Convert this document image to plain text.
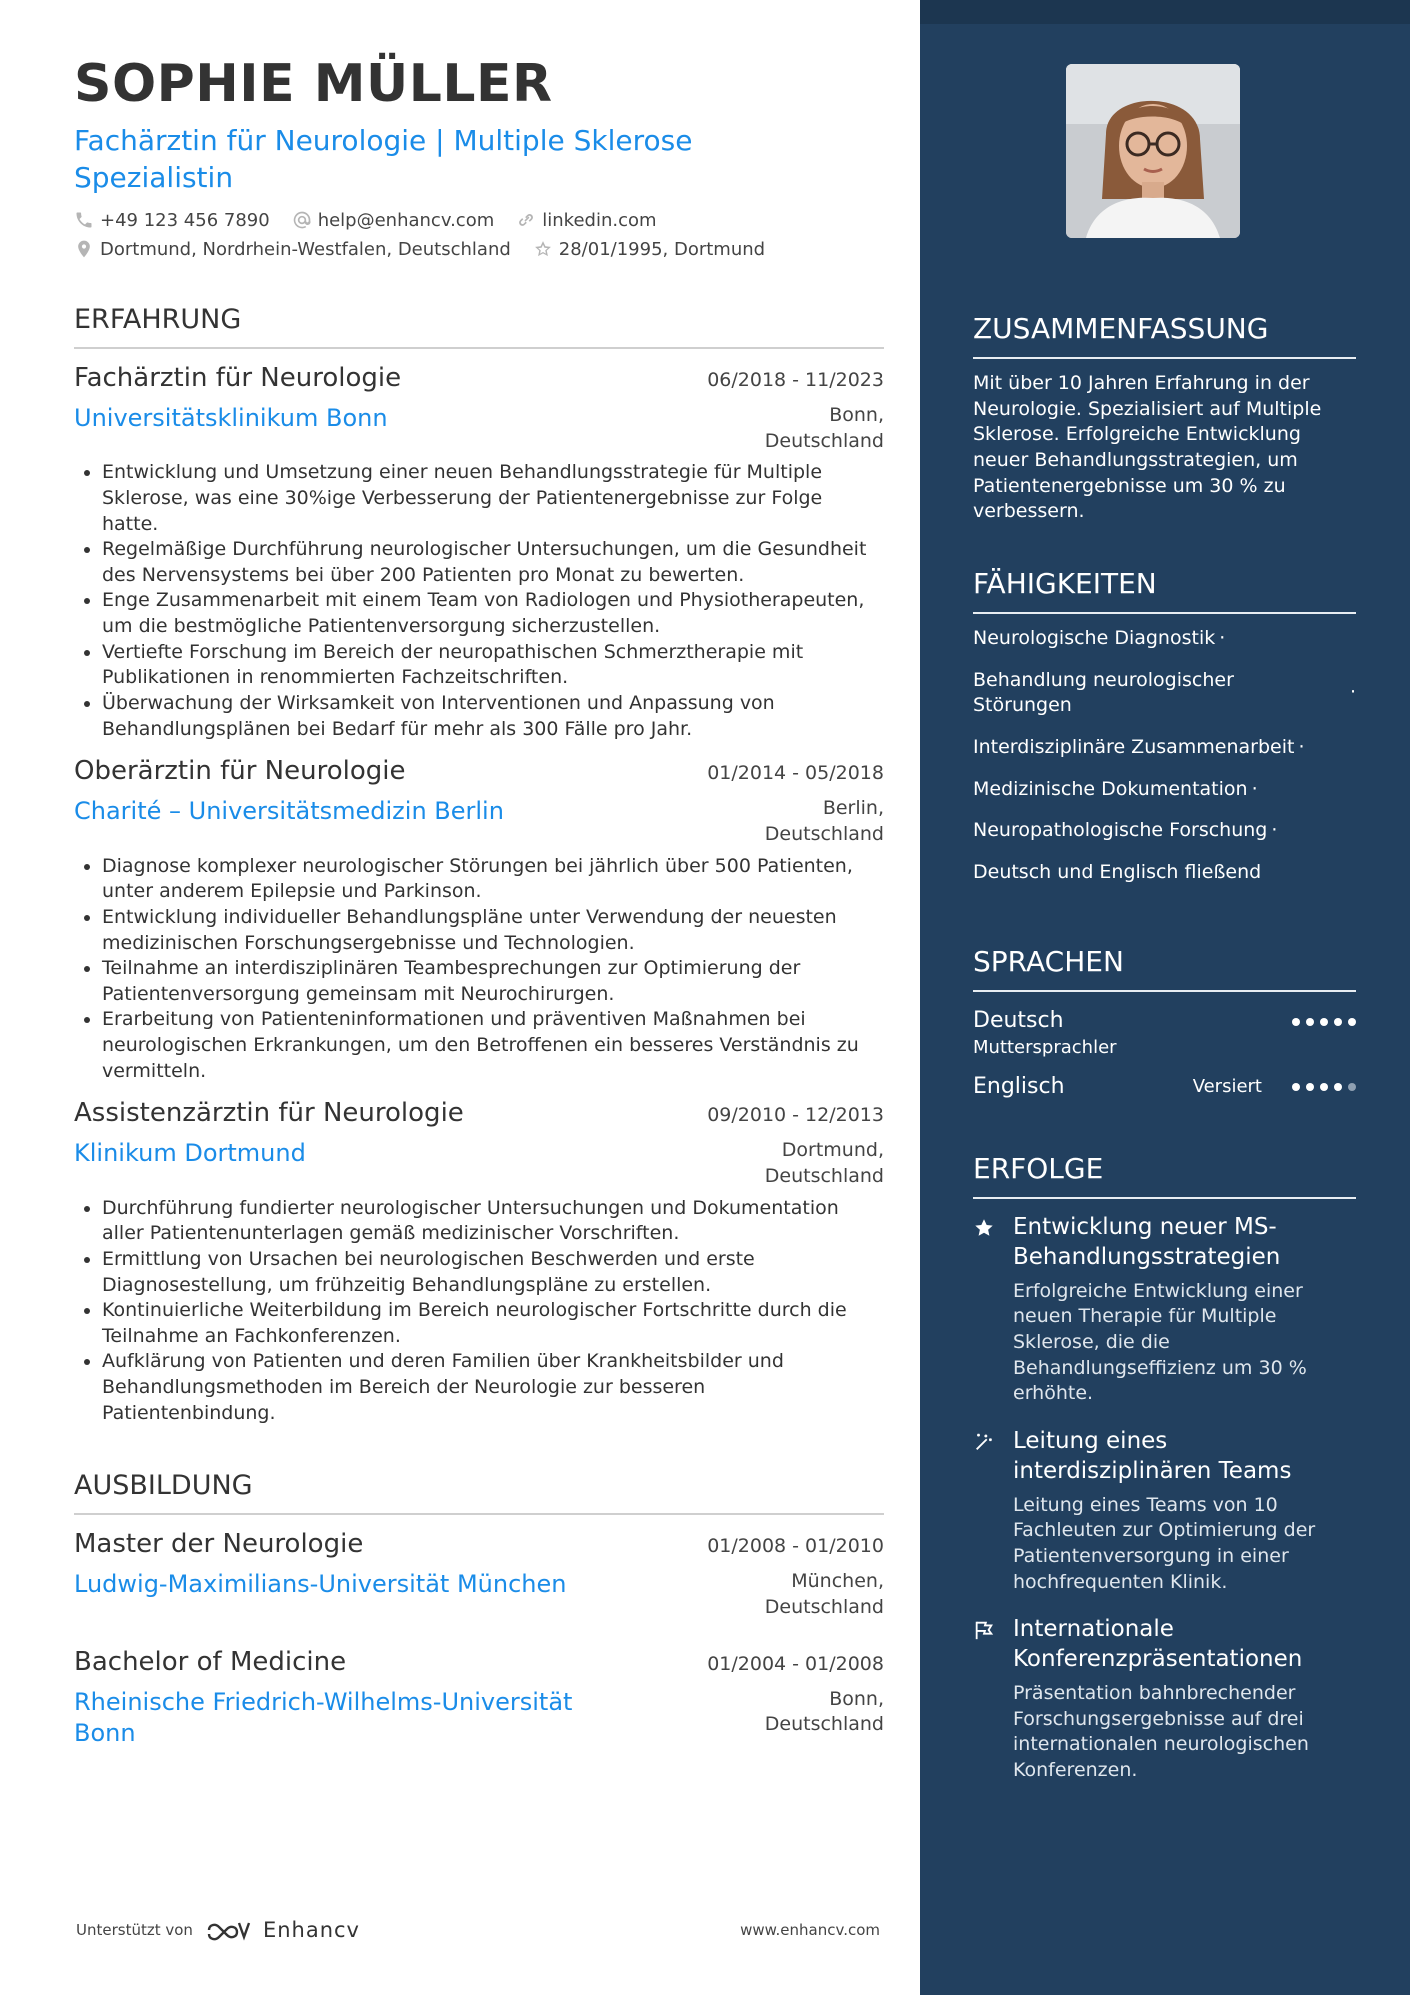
SOPHIE MÜLLER
Fachärztin für Neurologie | Multiple Sklerose Spezialistin
+49 123 456 7890	help@enhancv.com	linkedin.com
Dortmund, Nordrhein-Westfalen, Deutschland	28/01/1995, Dortmund
ERFAHRUNG
Fachärztin für Neurologie	06/2018 - 11/2023
Universitätsklinikum Bonn	Bonn, Deutschland
• Entwicklung und Umsetzung einer neuen Behandlungsstrategie für Multiple Sklerose, was eine 30%ige Verbesserung der Patientenergebnisse zur Folge hatte.
• Regelmäßige Durchführung neurologischer Untersuchungen, um die Gesundheit des Nervensystems bei über 200 Patienten pro Monat zu bewerten.
• Enge Zusammenarbeit mit einem Team von Radiologen und Physiotherapeuten, um die bestmögliche Patientenversorgung sicherzustellen.
• Vertiefte Forschung im Bereich der neuropathischen Schmerztherapie mit Publikationen in renommierten Fachzeitschriften.
• Überwachung der Wirksamkeit von Interventionen und Anpassung von Behandlungsplänen bei Bedarf für mehr als 300 Fälle pro Jahr.
Oberärztin für Neurologie	01/2014 - 05/2018
Charité – Universitätsmedizin Berlin	Berlin, Deutschland
• Diagnose komplexer neurologischer Störungen bei jährlich über 500 Patienten, unter anderem Epilepsie und Parkinson.
• Entwicklung individueller Behandlungspläne unter Verwendung der neuesten medizinischen Forschungsergebnisse und Technologien.
• Teilnahme an interdisziplinären Teambesprechungen zur Optimierung der Patientenversorgung gemeinsam mit Neurochirurgen.
• Erarbeitung von Patienteninformationen und präventiven Maßnahmen bei neurologischen Erkrankungen, um den Betroffenen ein besseres Verständnis zu vermitteln.
Assistenzärztin für Neurologie	09/2010 - 12/2013
Klinikum Dortmund	Dortmund, Deutschland
• Durchführung fundierter neurologischer Untersuchungen und Dokumentation aller Patientenunterlagen gemäß medizinischer Vorschriften.
• Ermittlung von Ursachen bei neurologischen Beschwerden und erste Diagnosestellung, um frühzeitig Behandlungspläne zu erstellen.
• Kontinuierliche Weiterbildung im Bereich neurologischer Fortschritte durch die Teilnahme an Fachkonferenzen.
• Aufklärung von Patienten und deren Familien über Krankheitsbilder und Behandlungsmethoden im Bereich der Neurologie zur besseren Patientenbindung.
AUSBILDUNG
Master der Neurologie	01/2008 - 01/2010
Ludwig-Maximilians-Universität München	München, Deutschland
Bachelor of Medicine	01/2004 - 01/2008
Rheinische Friedrich-Wilhelms-Universität Bonn
Bonn, Deutschland
Unterstützt von	Enhancv	www.enhancv.com
ZUSAMMENFASSUNG
Mit über 10 Jahren Erfahrung in der Neurologie. Spezialisiert auf Multiple Sklerose. Erfolgreiche Entwicklung neuer Behandlungsstrategien, um Patientenergebnisse um 30 % zu verbessern.
FÄHIGKEITEN
Neurologische Diagnostik ·
Behandlung neurologischer Störungen
·
Interdisziplinäre Zusammenarbeit ·
Medizinische Dokumentation ·
Neuropathologische Forschung ·
Deutsch und Englisch fließend
SPRACHEN
Deutsch
Muttersprachler
Englisch	Versiert
ERFOLGE
Entwicklung neuer MS-Behandlungsstrategien
Erfolgreiche Entwicklung einer neuen Therapie für Multiple Sklerose, die die Behandlungseffizienz um 30 % erhöhte.
Leitung eines interdisziplinären Teams
Leitung eines Teams von 10 Fachleuten zur Optimierung der Patientenversorgung in einer hochfrequenten Klinik.
Internationale Konferenzpräsentationen
Präsentation bahnbrechender Forschungsergebnisse auf drei internationalen neurologischen Konferenzen.
